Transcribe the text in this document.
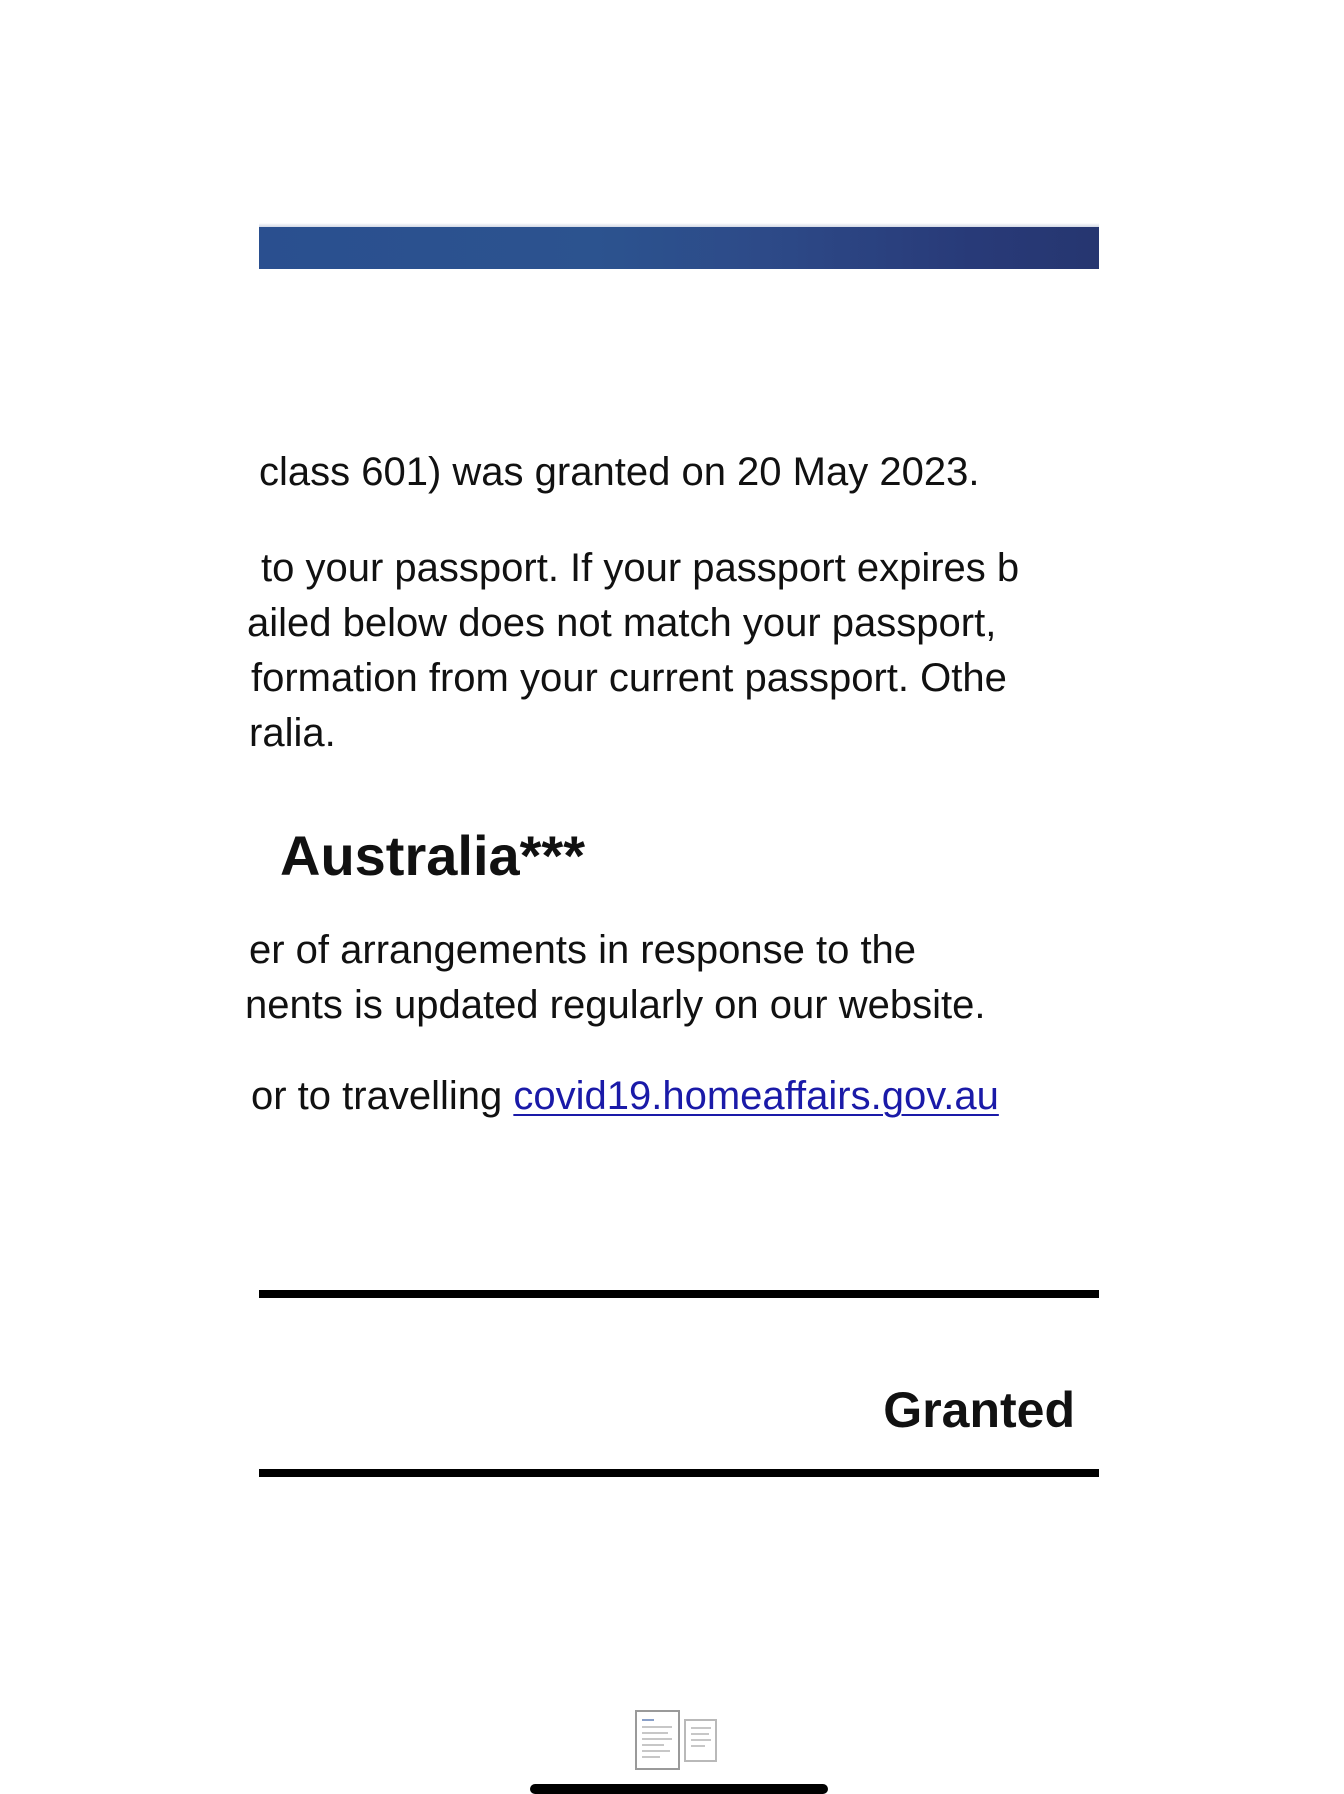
class 601) was granted on 20 May 2023.
to your passport. If your passport expires b
ailed below does not match your passport,
formation from your current passport. Othe
ralia.
Australia***
er of arrangements in response to the
nents is updated regularly on our website.
or to travelling covid19.homeaffairs.gov.au
Granted
